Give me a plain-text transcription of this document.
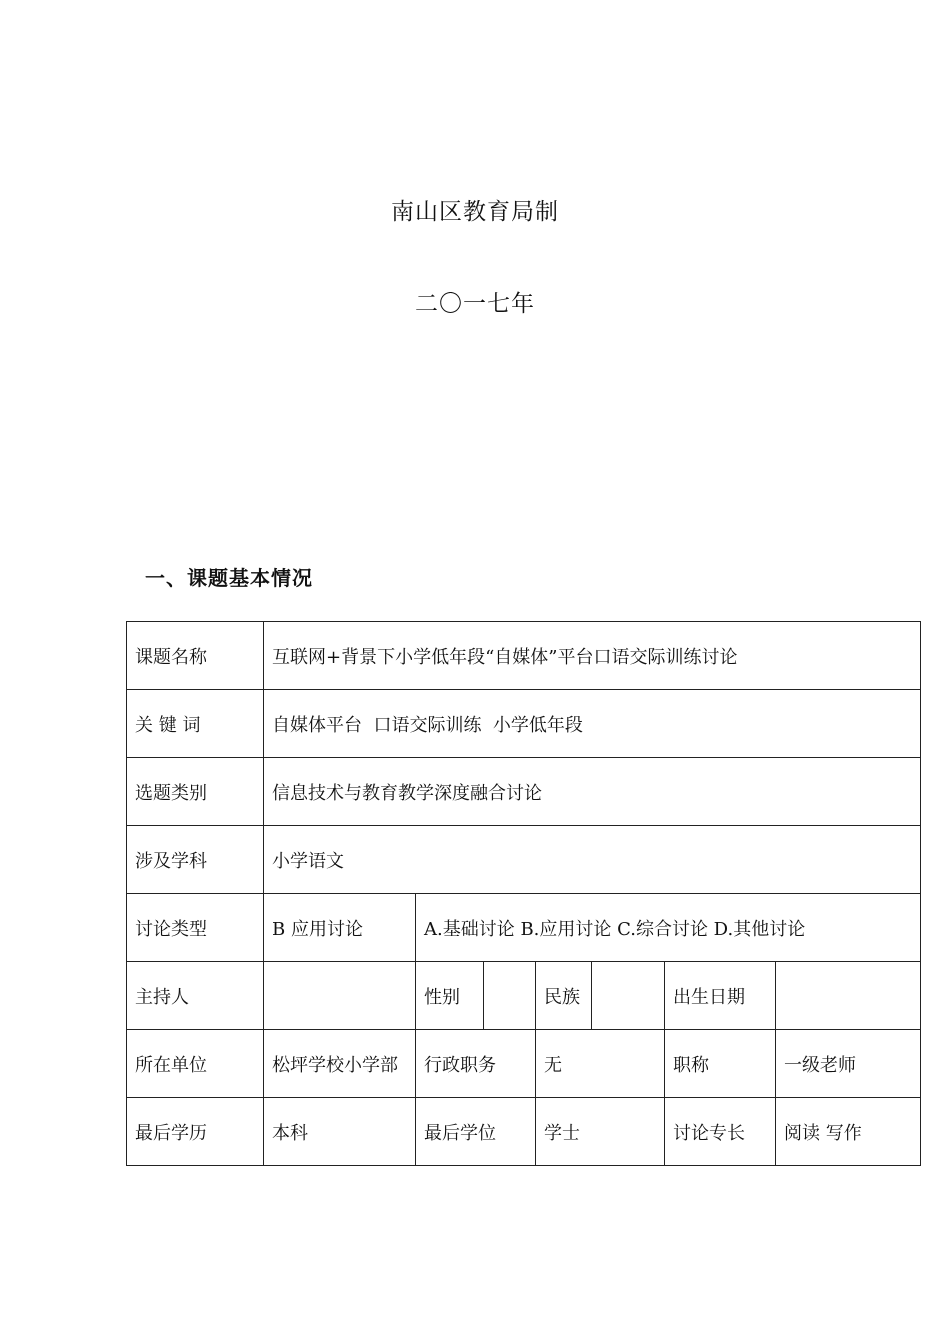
南山区教育局制
二〇一七年
一、课题基本情况
课题名称	互联网+背景下小学低年段“自媒体”平台口语交际训练讨论						
关 键 词	自媒体平台  口语交际训练  小学低年段						
选题类别	信息技术与教育教学深度融合讨论						
涉及学科	小学语文						
讨论类型	B 应用讨论	A.基础讨论 B.应用讨论 C.综合讨论 D.其他讨论					
主持人		性别		民族		出生日期	
所在单位	松坪学校小学部	行政职务		无		职称	一级老师
最后学历	本科	最后学位		学士		讨论专长	阅读 写作
